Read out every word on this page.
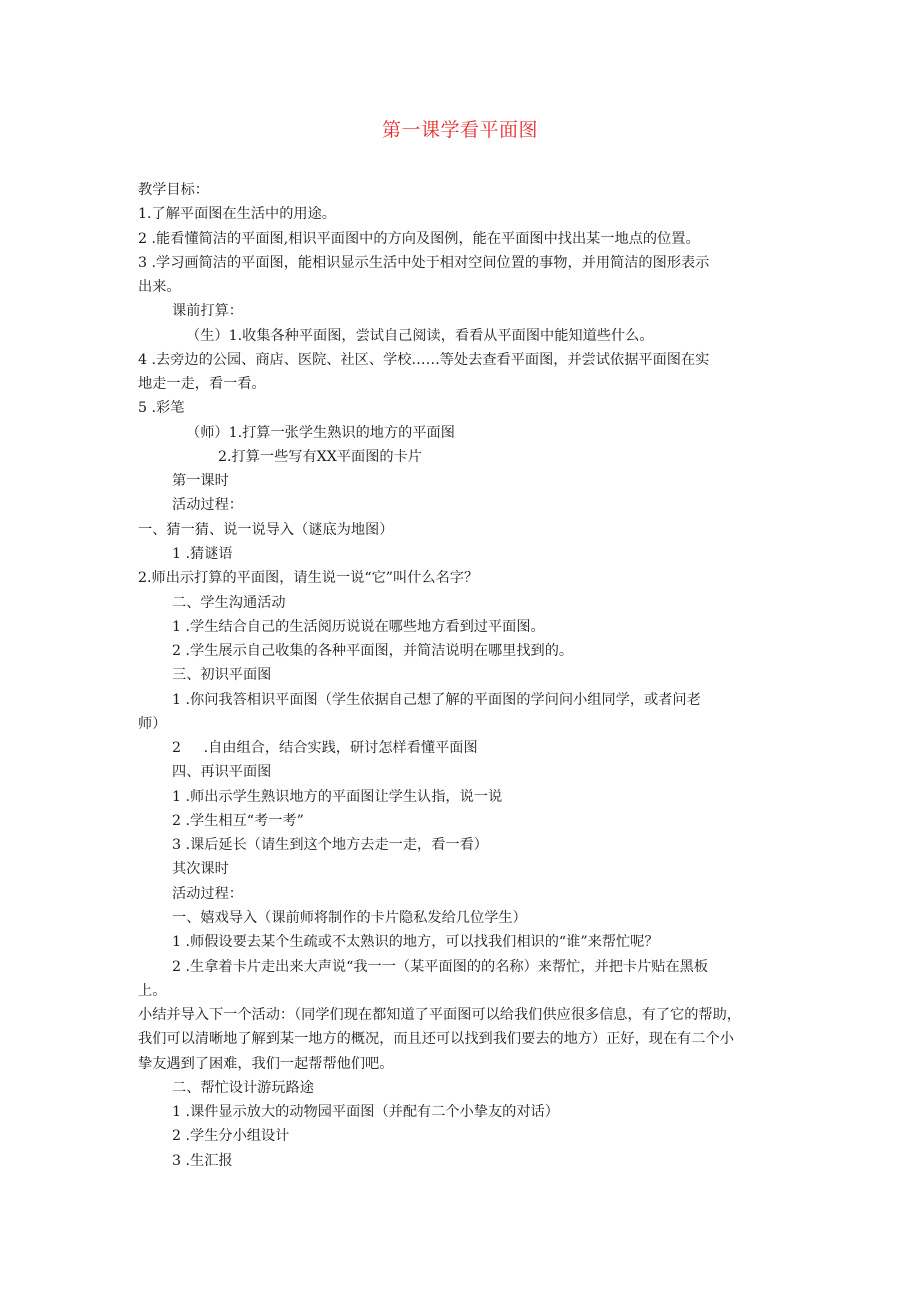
第一课学看平面图
教学目标：
1.了解平面图在生活中的用途。
2 .能看懂简洁的平面图,相识平面图中的方向及图例，能在平面图中找出某一地点的位置。
3 .学习画简洁的平面图，能相识显示生活中处于相对空间位置的事物，并用简洁的图形表示
出来。
课前打算：
（生）1.收集各种平面图，尝试自己阅读，看看从平面图中能知道些什么。
4 .去旁边的公园、商店、医院、社区、学校……等处去查看平面图，并尝试依据平面图在实
地走一走，看一看。
5 .彩笔
（师）1.打算一张学生熟识的地方的平面图
2.打算一些写有XX平面图的卡片
第一课时
活动过程：
一、猜一猜、说一说导入（谜底为地图）
1 .猜谜语
2.师出示打算的平面图，请生说一说“它”叫什么名字？
二、学生沟通活动
1 .学生结合自己的生活阅历说说在哪些地方看到过平面图。
2 .学生展示自己收集的各种平面图，并简洁说明在哪里找到的。
三、初识平面图
1 .你问我答相识平面图（学生依据自己想了解的平面图的学问问小组同学，或者问老
师）
2     .自由组合，结合实践，研讨怎样看懂平面图
四、再识平面图
1 .师出示学生熟识地方的平面图让学生认指，说一说
2 .学生相互“考一考”
3 .课后延长（请生到这个地方去走一走，看一看）
其次课时
活动过程：
一、嬉戏导入（课前师将制作的卡片隐私发给几位学生）
1 .师假设要去某个生疏或不太熟识的地方，可以找我们相识的“谁”来帮忙呢？
2 .生拿着卡片走出来大声说“我一一（某平面图的的名称）来帮忙，并把卡片贴在黑板
上。
小结并导入下一个活动：（同学们现在都知道了平面图可以给我们供应很多信息，有了它的帮助，
我们可以清晰地了解到某一地方的概况，而且还可以找到我们要去的地方）正好，现在有二个小
挚友遇到了困难，我们一起帮帮他们吧。
二、帮忙设计游玩路途
1 .课件显示放大的动物园平面图（并配有二个小挚友的对话）
2 .学生分小组设计
3 .生汇报
